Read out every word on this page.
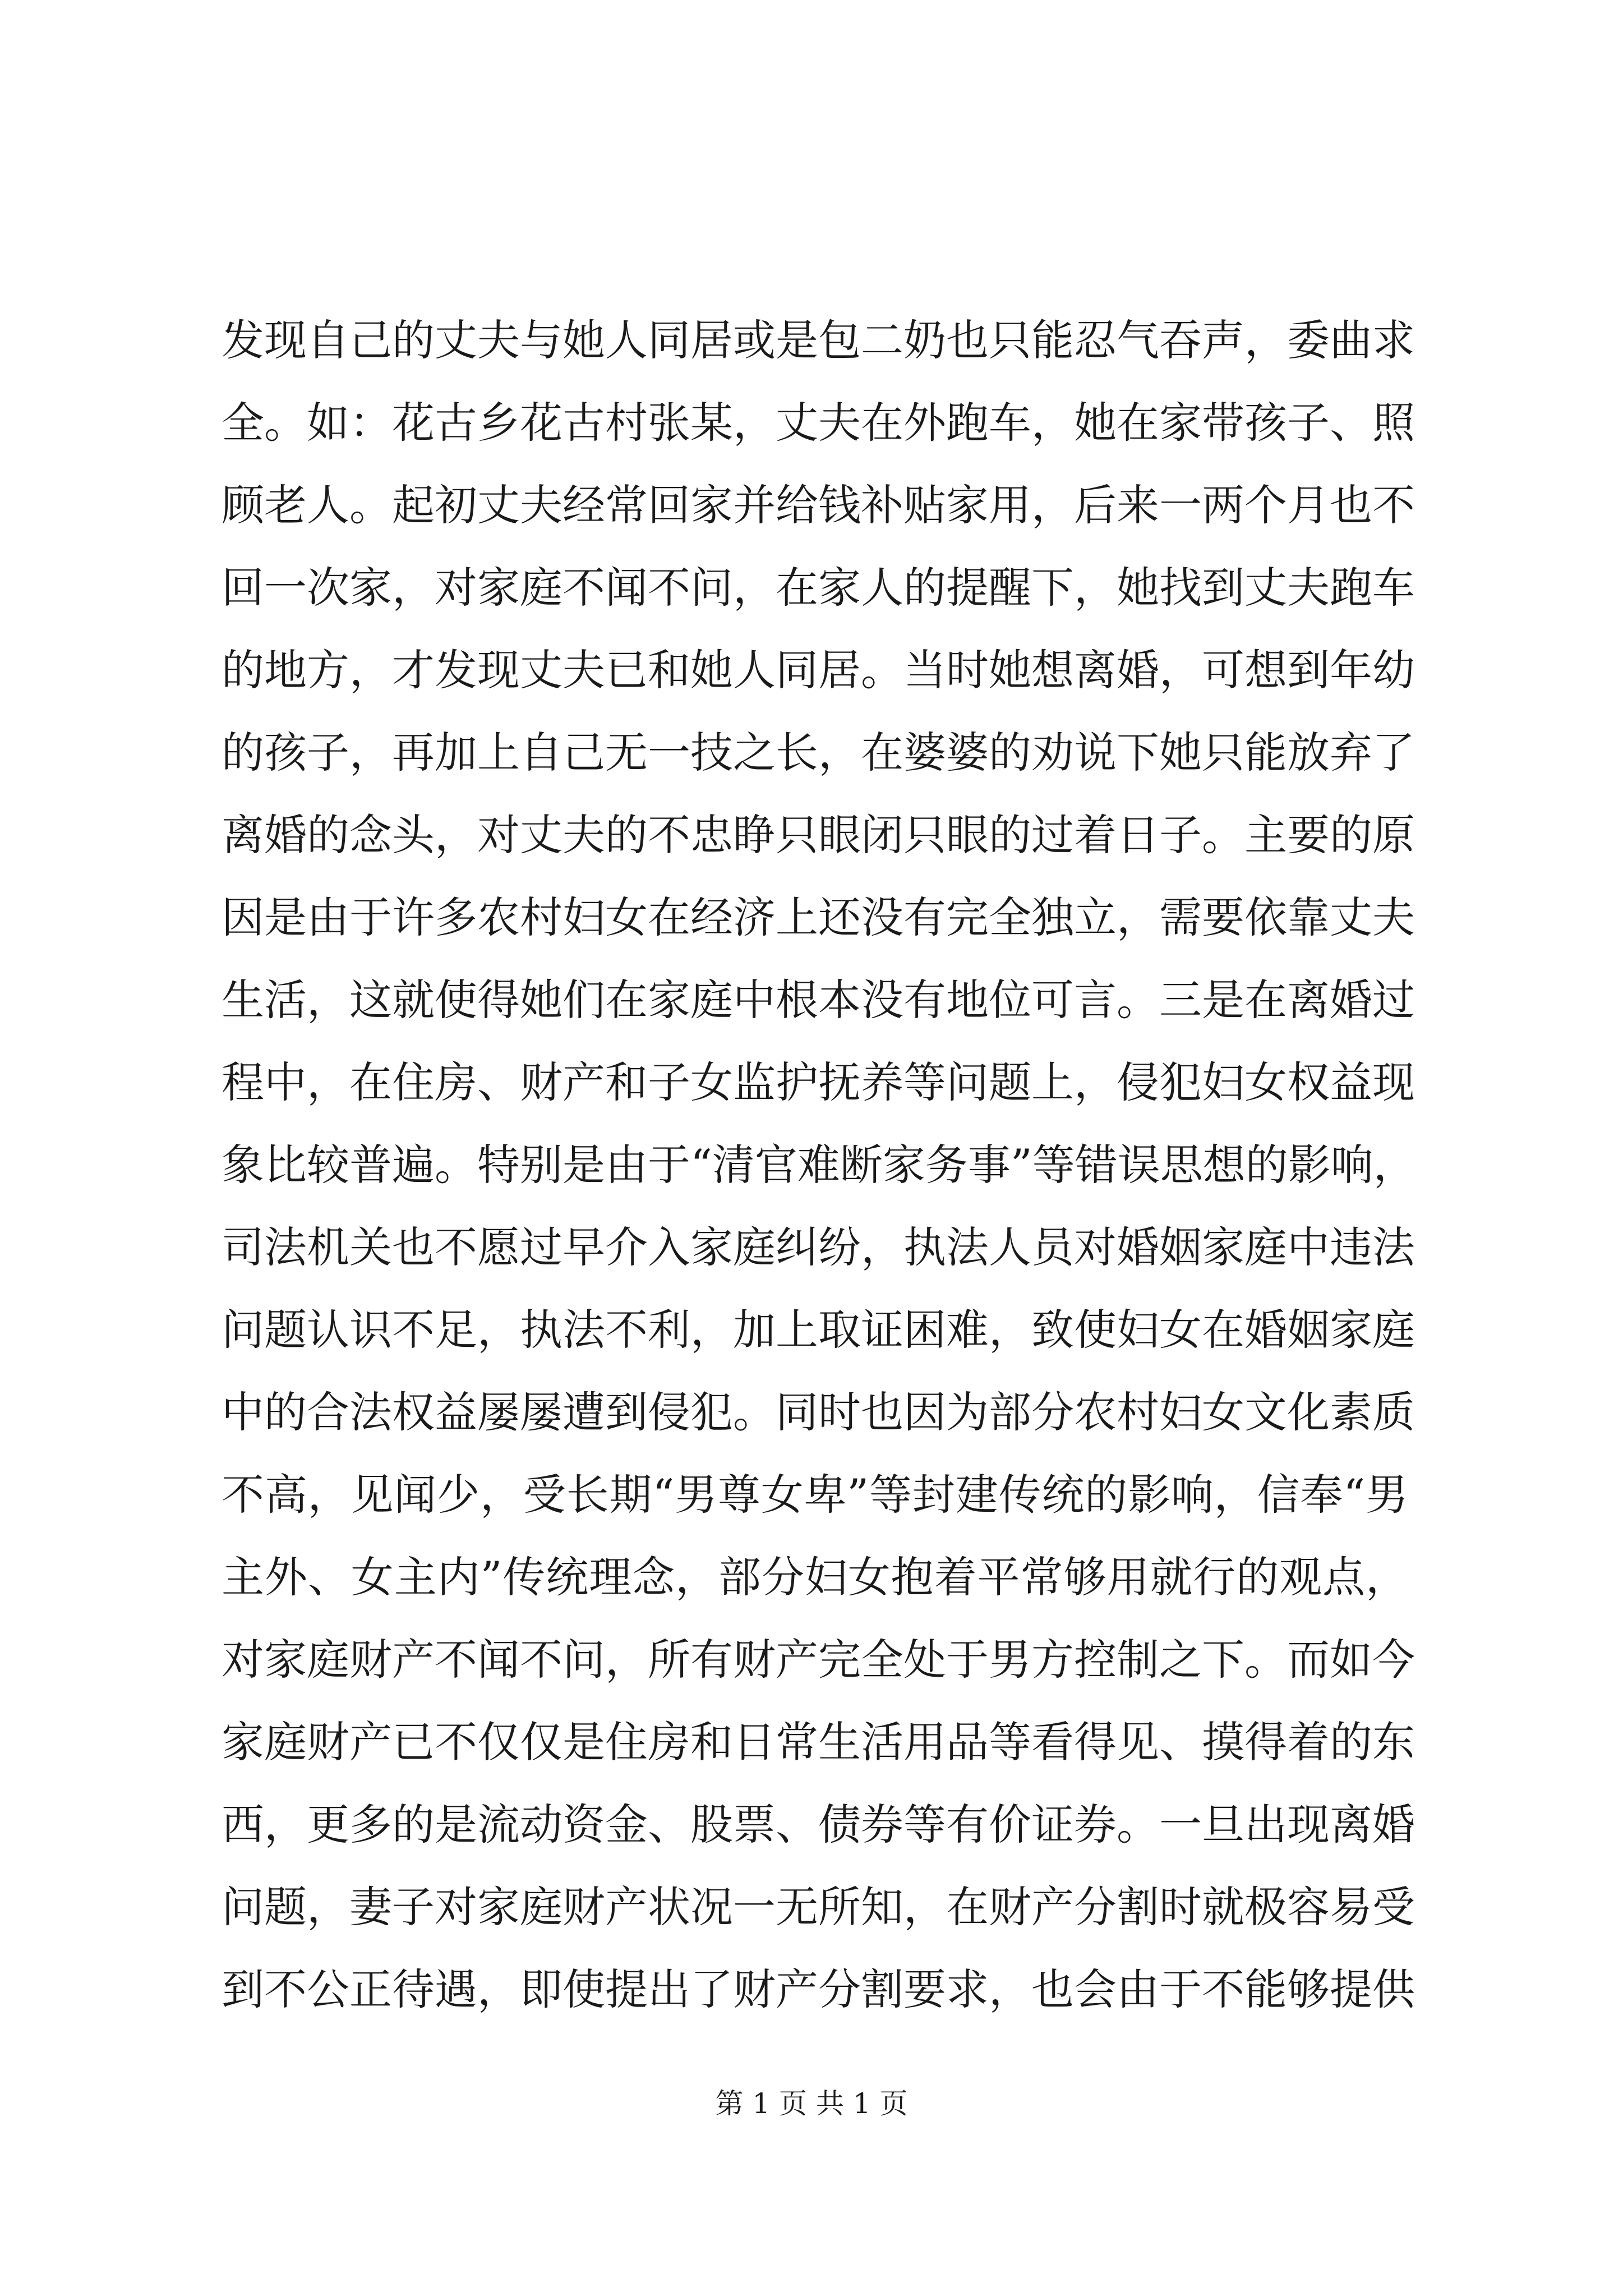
发现自己的丈夫与她人同居或是包二奶也只能忍气吞声，委曲求
全。如：花古乡花古村张某，丈夫在外跑车，她在家带孩子、照
顾老人。起初丈夫经常回家并给钱补贴家用，后来一两个月也不
回一次家，对家庭不闻不问，在家人的提醒下，她找到丈夫跑车
的地方，才发现丈夫已和她人同居。当时她想离婚，可想到年幼
的孩子，再加上自己无一技之长，在婆婆的劝说下她只能放弃了
离婚的念头，对丈夫的不忠睁只眼闭只眼的过着日子。主要的原
因是由于许多农村妇女在经济上还没有完全独立，需要依靠丈夫
生活，这就使得她们在家庭中根本没有地位可言。三是在离婚过
程中，在住房、财产和子女监护抚养等问题上，侵犯妇女权益现
象比较普遍。特别是由于“清官难断家务事”等错误思想的影响，
司法机关也不愿过早介入家庭纠纷，执法人员对婚姻家庭中违法
问题认识不足，执法不利，加上取证困难，致使妇女在婚姻家庭
中的合法权益屡屡遭到侵犯。同时也因为部分农村妇女文化素质
不高，见闻少，受长期“男尊女卑”等封建传统的影响，信奉“男
主外、女主内”传统理念，部分妇女抱着平常够用就行的观点，
对家庭财产不闻不问，所有财产完全处于男方控制之下。而如今
家庭财产已不仅仅是住房和日常生活用品等看得见、摸得着的东
西，更多的是流动资金、股票、债券等有价证券。一旦出现离婚
问题，妻子对家庭财产状况一无所知，在财产分割时就极容易受
到不公正待遇，即使提出了财产分割要求，也会由于不能够提供
第 1 页 共 1 页
